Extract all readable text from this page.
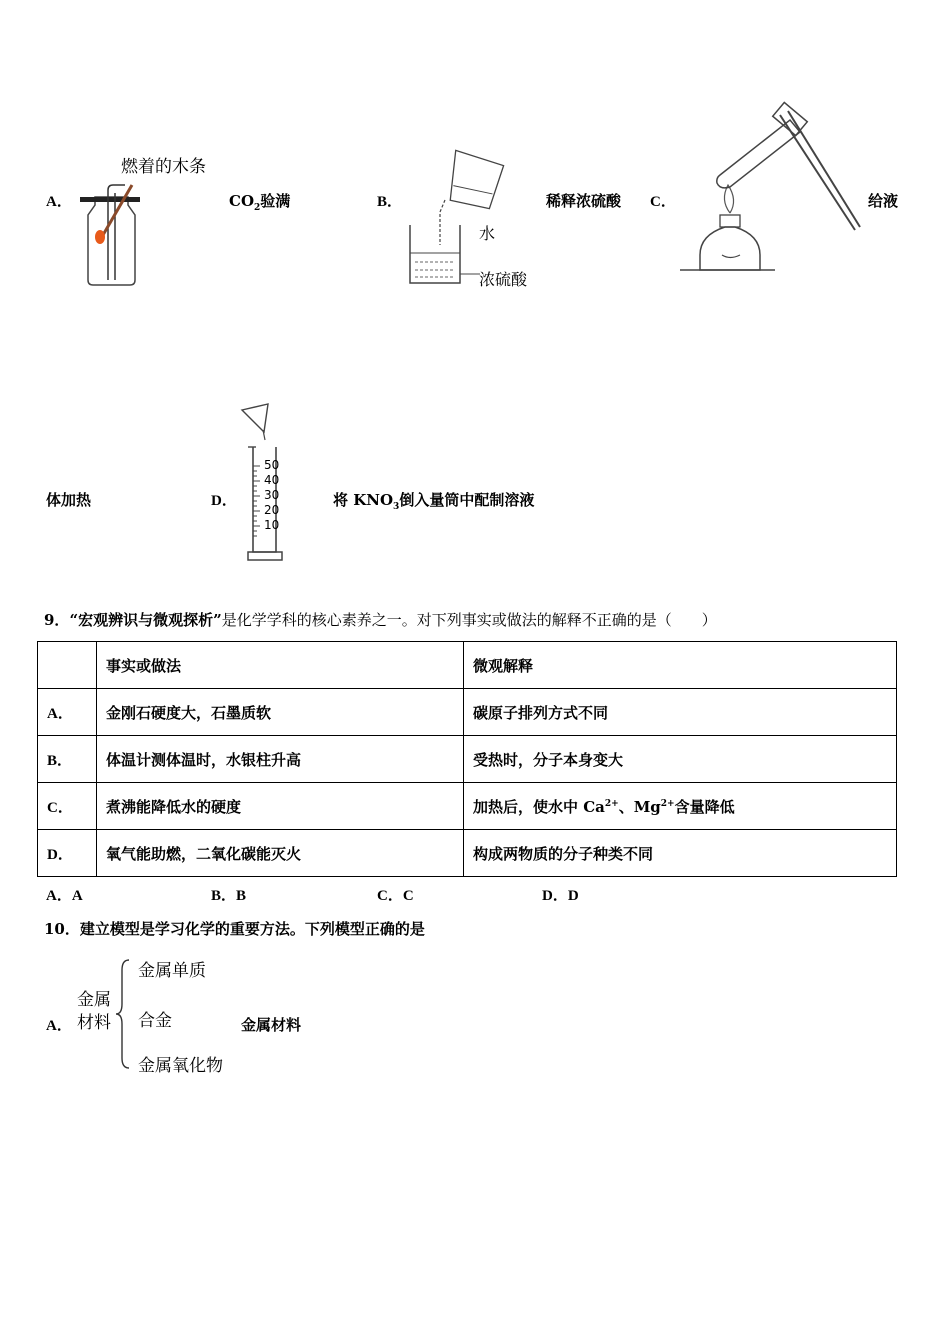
燃着的木条
A．	$CO_2$验满	B．
水
浓硫酸
稀释浓硫酸 C．	给液
体加热	D．
50
40
30
20
10
将 $KNO_3$倒入量筒中配制溶液
9．“宏观辨识与微观探析”是化学学科的核心素养之一。对下列事实或做法的解释不正确的是（　　）
	事实或做法	微观解释
A．	金刚石硬度大，石墨质软	碳原子排列方式不同
B．	体温计测体温时，水银柱升高	受热时，分子本身变大
C．	煮沸能降低水的硬度	加热后，使水中 $Ca^{2+}$、$Mg^{2+}$含量降低
D．	氧气能助燃，二氧化碳能灭火	构成两物质的分子种类不同
A．A	B．B	C．C	D．D
10．建立模型是学习化学的重要方法。下列模型正确的是
A．
金属
材料
金属单质
合金
金属氧化物
金属材料
